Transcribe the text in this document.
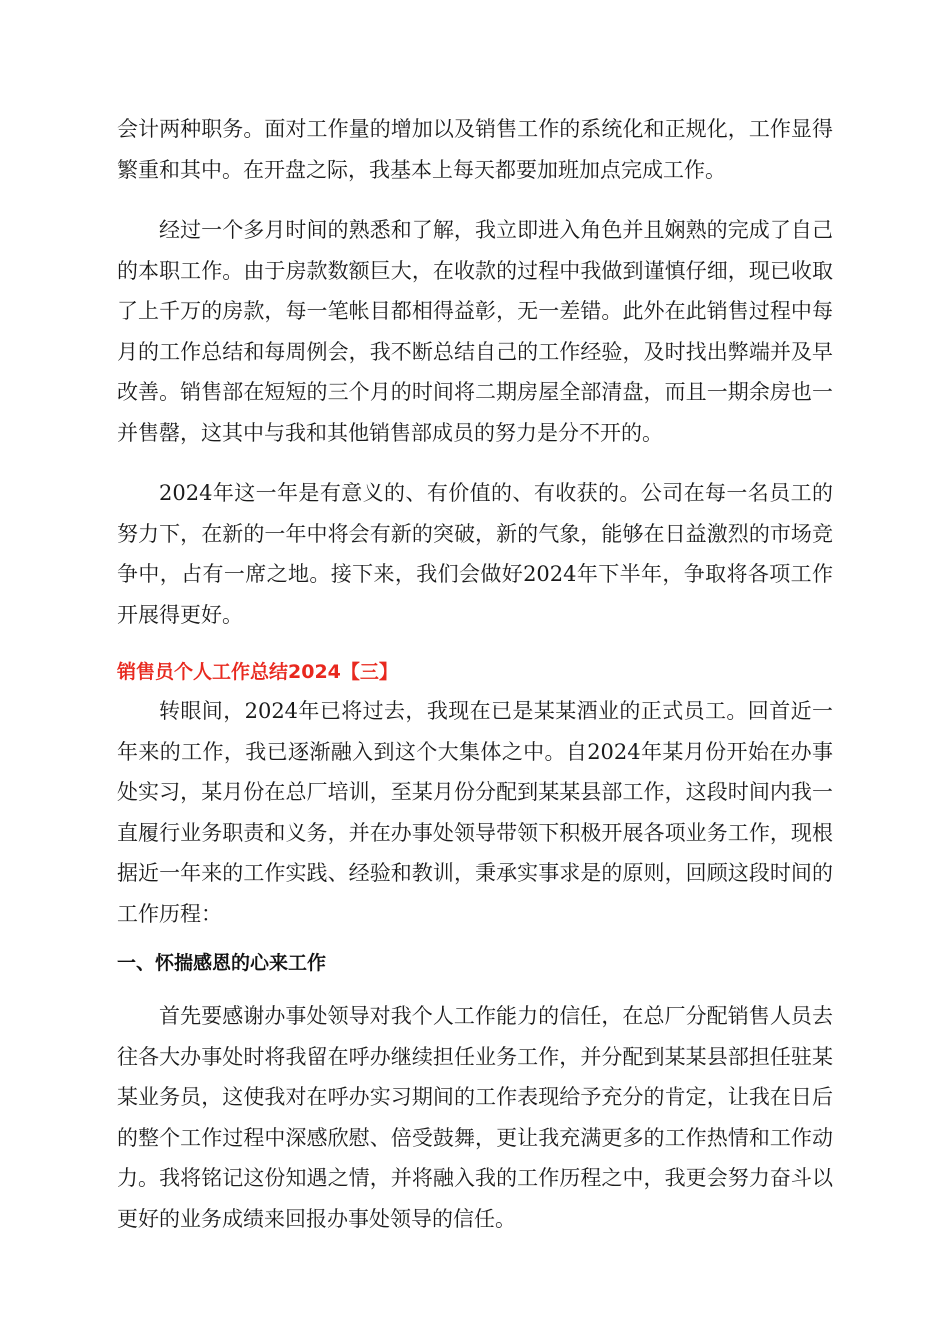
会计两种职务。面对工作量的增加以及销售工作的系统化和正规化，工作显得繁重和其中。在开盘之际，我基本上每天都要加班加点完成工作。

经过一个多月时间的熟悉和了解，我立即进入角色并且娴熟的完成了自己的本职工作。由于房款数额巨大，在收款的过程中我做到谨慎仔细，现已收取了上千万的房款，每一笔帐目都相得益彰，无一差错。此外在此销售过程中每月的工作总结和每周例会，我不断总结自己的工作经验，及时找出弊端并及早改善。销售部在短短的三个月的时间将二期房屋全部清盘，而且一期余房也一并售罄，这其中与我和其他销售部成员的努力是分不开的。

2024年这一年是有意义的、有价值的、有收获的。公司在每一名员工的努力下，在新的一年中将会有新的突破，新的气象，能够在日益激烈的市场竞争中，占有一席之地。接下来，我们会做好2024年下半年，争取将各项工作开展得更好。

销售员个人工作总结2024【三】

转眼间，2024年已将过去，我现在已是某某酒业的正式员工。回首近一年来的工作，我已逐渐融入到这个大集体之中。自2024年某月份开始在办事处实习，某月份在总厂培训，至某月份分配到某某县部工作，这段时间内我一直履行业务职责和义务，并在办事处领导带领下积极开展各项业务工作，现根据近一年来的工作实践、经验和教训，秉承实事求是的原则，回顾这段时间的工作历程：

一、怀揣感恩的心来工作

首先要感谢办事处领导对我个人工作能力的信任，在总厂分配销售人员去往各大办事处时将我留在呼办继续担任业务工作，并分配到某某县部担任驻某某业务员，这使我对在呼办实习期间的工作表现给予充分的肯定，让我在日后的整个工作过程中深感欣慰、倍受鼓舞，更让我充满更多的工作热情和工作动力。我将铭记这份知遇之情，并将融入我的工作历程之中，我更会努力奋斗以更好的业务成绩来回报办事处领导的信任。
